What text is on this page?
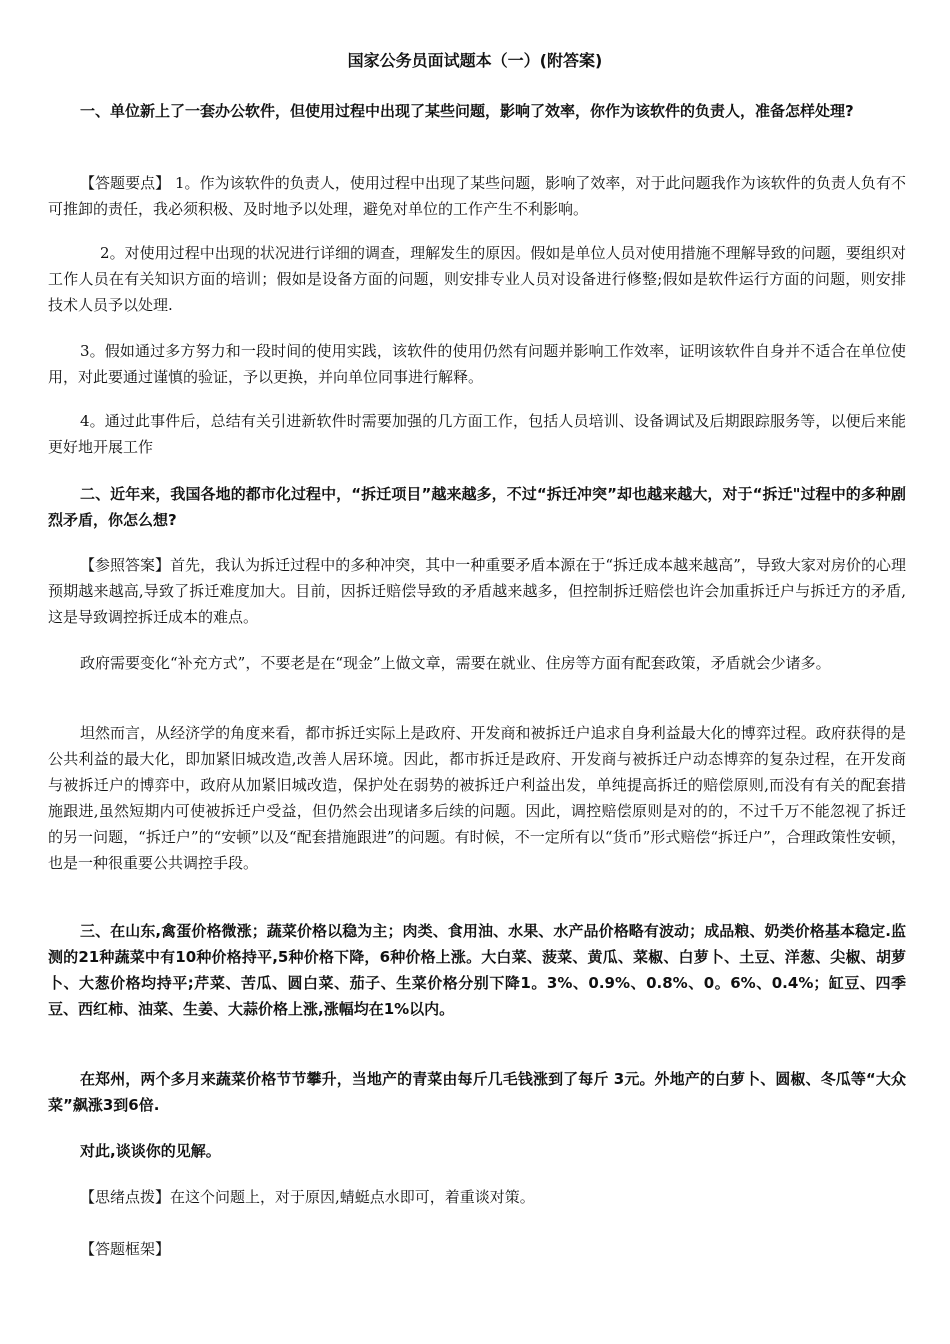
国家公务员面试题本（一）(附答案)

一、单位新上了一套办公软件，但使用过程中出现了某些问题，影响了效率，你作为该软件的负责人，准备怎样处理?

【答题要点】 1。作为该软件的负责人，使用过程中出现了某些问题，影响了效率，对于此问题我作为该软件的负责人负有不可推卸的责任，我必须积极、及时地予以处理，避免对单位的工作产生不利影响。

2。对使用过程中出现的状况进行详细的调查，理解发生的原因。假如是单位人员对使用措施不理解导致的问题，要组织对工作人员在有关知识方面的培训；假如是设备方面的问题，则安排专业人员对设备进行修整;假如是软件运行方面的问题，则安排技术人员予以处理.

3。假如通过多方努力和一段时间的使用实践，该软件的使用仍然有问题并影响工作效率，证明该软件自身并不适合在单位使用，对此要通过谨慎的验证，予以更换，并向单位同事进行解释。

4。通过此事件后，总结有关引进新软件时需要加强的几方面工作，包括人员培训、设备调试及后期跟踪服务等，以便后来能更好地开展工作

二、近年来，我国各地的都市化过程中，“拆迁项目”越来越多，不过“拆迁冲突”却也越来越大，对于“拆迁"过程中的多种剧烈矛盾，你怎么想?

【参照答案】首先，我认为拆迁过程中的多种冲突，其中一种重要矛盾本源在于“拆迁成本越来越高”，导致大家对房价的心理预期越来越高,导致了拆迁难度加大。目前，因拆迁赔偿导致的矛盾越来越多，但控制拆迁赔偿也许会加重拆迁户与拆迁方的矛盾,这是导致调控拆迁成本的难点。

政府需要变化“补充方式”，不要老是在“现金”上做文章，需要在就业、住房等方面有配套政策，矛盾就会少诸多。

坦然而言，从经济学的角度来看，都市拆迁实际上是政府、开发商和被拆迁户追求自身利益最大化的博弈过程。政府获得的是公共利益的最大化，即加紧旧城改造,改善人居环境。因此，都市拆迁是政府、开发商与被拆迁户动态博弈的复杂过程，在开发商与被拆迁户的博弈中，政府从加紧旧城改造，保护处在弱势的被拆迁户利益出发，单纯提高拆迁的赔偿原则,而没有有关的配套措施跟进,虽然短期内可使被拆迁户受益，但仍然会出现诸多后续的问题。因此，调控赔偿原则是对的的，不过千万不能忽视了拆迁的另一问题，“拆迁户”的“安顿”以及“配套措施跟进”的问题。有时候，不一定所有以“货币”形式赔偿“拆迁户”，合理政策性安顿，也是一种很重要公共调控手段。

三、在山东,禽蛋价格微涨；蔬菜价格以稳为主；肉类、食用油、水果、水产品价格略有波动；成品粮、奶类价格基本稳定.监测的21种蔬菜中有10种价格持平,5种价格下降，6种价格上涨。大白菜、菠菜、黄瓜、菜椒、白萝卜、土豆、洋葱、尖椒、胡萝卜、大葱价格均持平;芹菜、苦瓜、圆白菜、茄子、生菜价格分别下降1。3%、0.9%、0.8%、0。6%、0.4%；缸豆、四季豆、西红柿、油菜、生姜、大蒜价格上涨,涨幅均在1%以内。

在郑州，两个多月来蔬菜价格节节攀升，当地产的青菜由每斤几毛钱涨到了每斤 3元。外地产的白萝卜、圆椒、冬瓜等“大众菜”飙涨3到6倍.

对此,谈谈你的见解。

【思绪点拨】在这个问题上，对于原因,蜻蜓点水即可，着重谈对策。

【答题框架】
